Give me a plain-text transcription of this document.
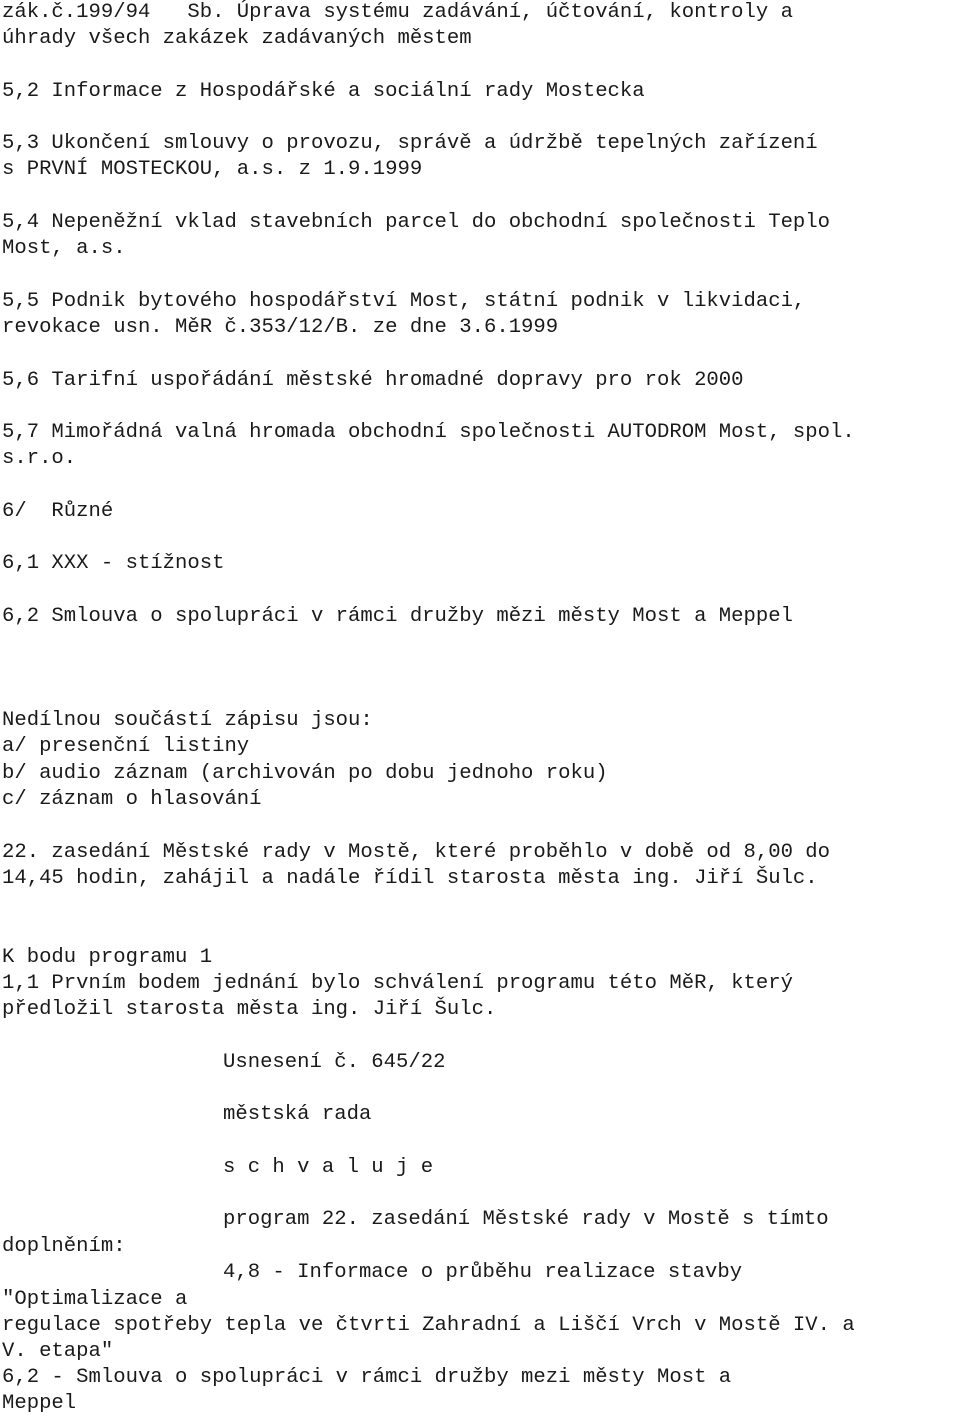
zák.č.199/94   Sb. Úprava systému zadávání, účtování, kontroly a
úhrady všech zakázek zadávaných městem
5,2 Informace z Hospodářské a sociální rady Mostecka
5,3 Ukončení smlouvy o provozu, správě a údržbě tepelných zařízení
s PRVNÍ MOSTECKOU, a.s. z 1.9.1999
5,4 Nepeněžní vklad stavebních parcel do obchodní společnosti Teplo
Most, a.s.
5,5 Podnik bytového hospodářství Most, státní podnik v likvidaci,
revokace usn. MěR č.353/12/B. ze dne 3.6.1999
5,6 Tarifní uspořádání městské hromadné dopravy pro rok 2000
5,7 Mimořádná valná hromada obchodní společnosti AUTODROM Most, spol.
s.r.o.
6/  Různé
6,1 XXX - stížnost
6,2 Smlouva o spolupráci v rámci družby mězi městy Most a Meppel
Nedílnou součástí zápisu jsou:
a/ presenční listiny
b/ audio záznam (archivován po dobu jednoho roku)
c/ záznam o hlasování
22. zasedání Městské rady v Mostě, které proběhlo v době od 8,00 do
14,45 hodin, zahájil a nadále řídil starosta města ing. Jiří Šulc.
K bodu programu 1
1,1 Prvním bodem jednání bylo schválení programu této MěR, který
předložil starosta města ing. Jiří Šulc.
Usnesení č. 645/22
městská rada
s c h v a l u j e
program 22. zasedání Městské rady v Mostě s tímto
doplněním:
4,8 - Informace o průběhu realizace stavby
"Optimalizace a
regulace spotřeby tepla ve čtvrti Zahradní a Liščí Vrch v Mostě IV. a
V. etapa"
6,2 - Smlouva o spolupráci v rámci družby mezi městy Most a
Meppel
